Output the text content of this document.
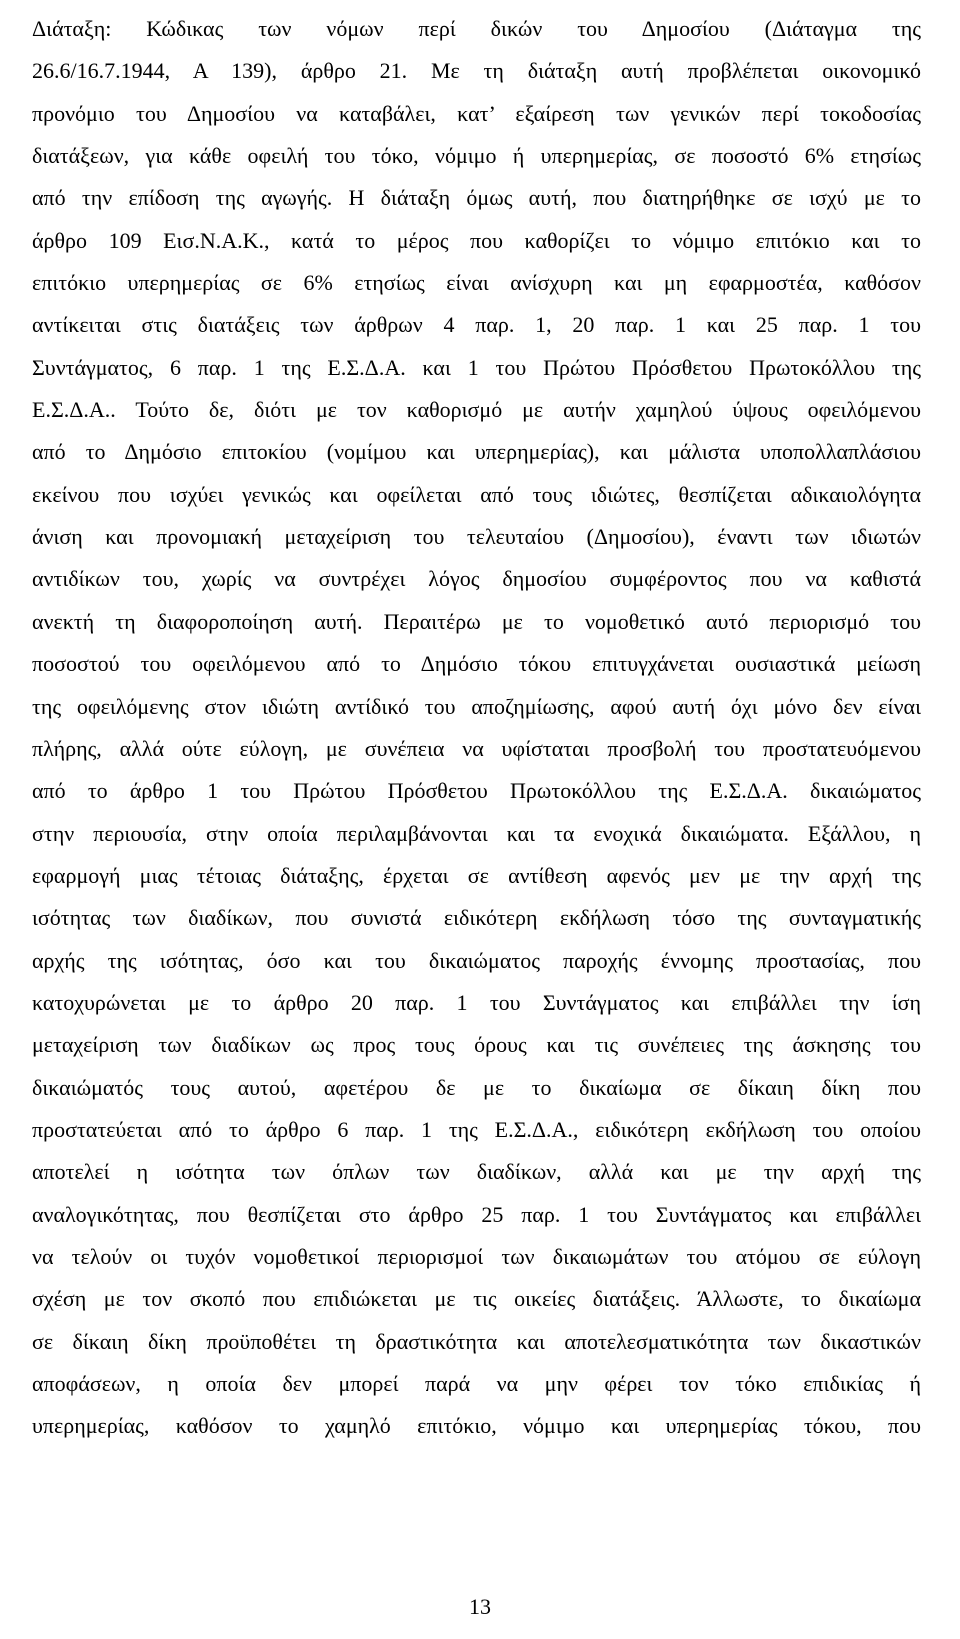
Διάταξη: Κώδικας των νόμων περί δικών του Δημοσίου (Διάταγμα της
26.6/16.7.1944, Α 139), άρθρο 21. Με τη διάταξη αυτή προβλέπεται οικονομικό
προνόμιο του Δημοσίου να καταβάλει, κατ’ εξαίρεση των γενικών περί τοκοδοσίας
διατάξεων, για κάθε οφειλή του τόκο, νόμιμο ή υπερημερίας, σε ποσοστό 6% ετησίως
από την επίδοση της αγωγής. Η διάταξη όμως αυτή, που διατηρήθηκε σε ισχύ με το
άρθρο 109 Εισ.Ν.Α.Κ., κατά το μέρος που καθορίζει το νόμιμο επιτόκιο και το
επιτόκιο υπερημερίας σε 6% ετησίως είναι ανίσχυρη και μη εφαρμοστέα, καθόσον
αντίκειται στις διατάξεις των άρθρων 4 παρ. 1, 20 παρ. 1 και 25 παρ. 1 του
Συντάγματος, 6 παρ. 1 της Ε.Σ.Δ.Α. και 1 του Πρώτου Πρόσθετου Πρωτοκόλλου της
Ε.Σ.Δ.Α.. Τούτο δε, διότι με τον καθορισμό με αυτήν χαμηλού ύψους οφειλόμενου
από το Δημόσιο επιτοκίου (νομίμου και υπερημερίας), και μάλιστα υποπολλαπλάσιου
εκείνου που ισχύει γενικώς και οφείλεται από τους ιδιώτες, θεσπίζεται αδικαιολόγητα
άνιση και προνομιακή μεταχείριση του τελευταίου (Δημοσίου), έναντι των ιδιωτών
αντιδίκων του, χωρίς να συντρέχει λόγος δημοσίου συμφέροντος που να καθιστά
ανεκτή τη διαφοροποίηση αυτή. Περαιτέρω με το νομοθετικό αυτό περιορισμό του
ποσοστού του οφειλόμενου από το Δημόσιο τόκου επιτυγχάνεται ουσιαστικά μείωση
της οφειλόμενης στον ιδιώτη αντίδικό του αποζημίωσης, αφού αυτή όχι μόνο δεν είναι
πλήρης, αλλά ούτε εύλογη, με συνέπεια να υφίσταται προσβολή του προστατευόμενου
από το άρθρο 1 του Πρώτου Πρόσθετου Πρωτοκόλλου της Ε.Σ.Δ.Α. δικαιώματος
στην περιουσία, στην οποία περιλαμβάνονται και τα ενοχικά δικαιώματα. Εξάλλου, η
εφαρμογή μιας τέτοιας διάταξης, έρχεται σε αντίθεση αφενός μεν με την αρχή της
ισότητας των διαδίκων, που συνιστά ειδικότερη εκδήλωση τόσο της συνταγματικής
αρχής της ισότητας, όσο και του δικαιώματος παροχής έννομης προστασίας, που
κατοχυρώνεται με το άρθρο 20 παρ. 1 του Συντάγματος και επιβάλλει την ίση
μεταχείριση των διαδίκων ως προς τους όρους και τις συνέπειες της άσκησης του
δικαιώματός τους αυτού, αφετέρου δε με το δικαίωμα σε δίκαιη δίκη που
προστατεύεται από το άρθρο 6 παρ. 1 της Ε.Σ.Δ.Α., ειδικότερη εκδήλωση του οποίου
αποτελεί η ισότητα των όπλων των διαδίκων, αλλά και με την αρχή της
αναλογικότητας, που θεσπίζεται στο άρθρο 25 παρ. 1 του Συντάγματος και επιβάλλει
να τελούν οι τυχόν νομοθετικοί περιορισμοί των δικαιωμάτων του ατόμου σε εύλογη
σχέση με τον σκοπό που επιδιώκεται με τις οικείες διατάξεις. Άλλωστε, το δικαίωμα
σε δίκαιη δίκη προϋποθέτει τη δραστικότητα και αποτελεσματικότητα των δικαστικών
αποφάσεων, η οποία δεν μπορεί παρά να μην φέρει τον τόκο επιδικίας ή
υπερημερίας, καθόσον το χαμηλό επιτόκιο, νόμιμο και υπερημερίας τόκου, που
13
